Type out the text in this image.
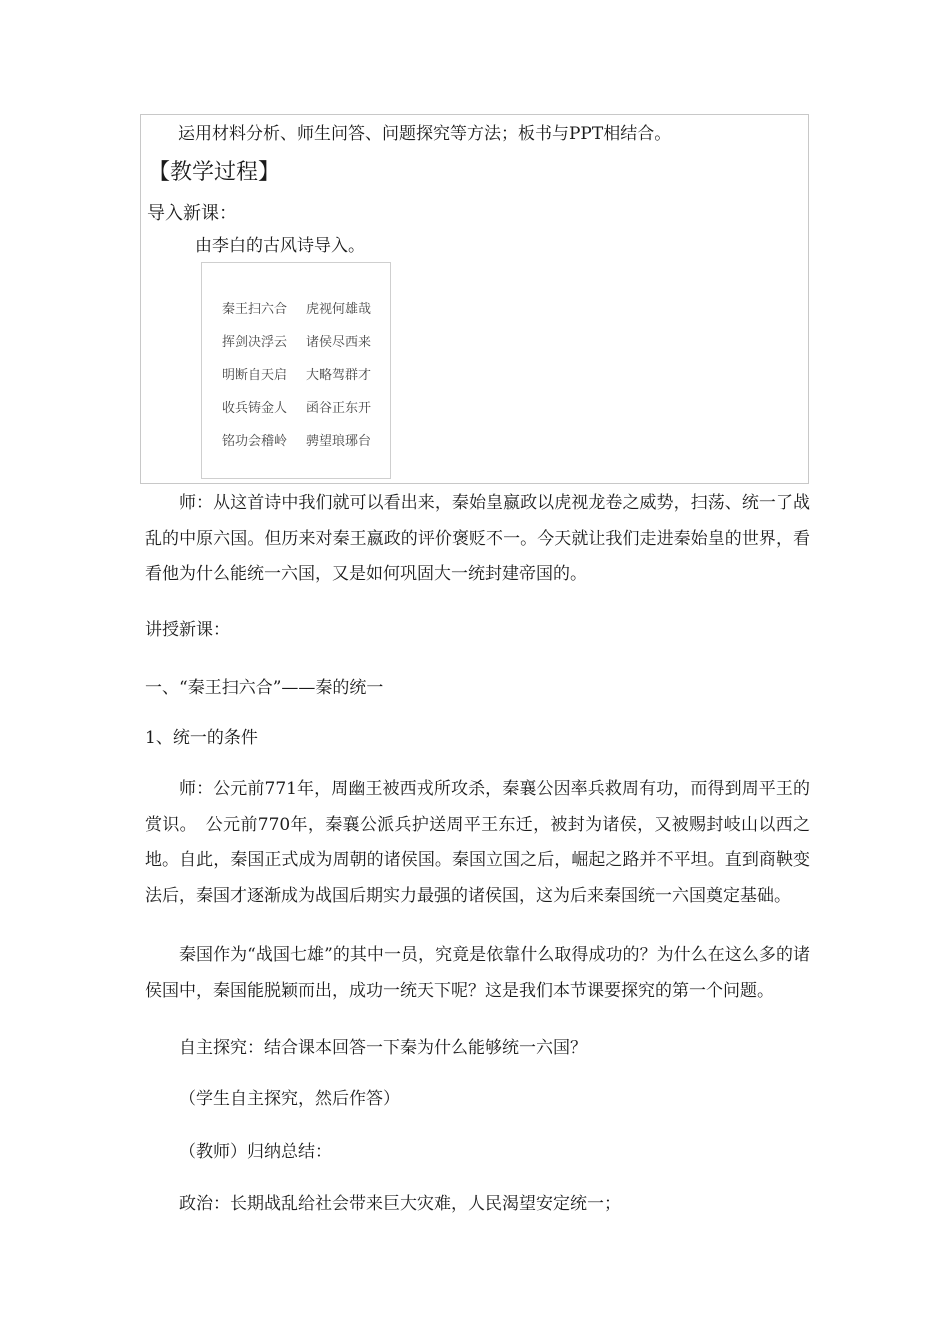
运用材料分析、师生问答、问题探究等方法；板书与PPT相结合。
【教学过程】
导入新课：
由李白的古风诗导入。
秦王扫六合 虎视何雄哉
挥剑决浮云 诸侯尽西来
明断自天启 大略驾群才
收兵铸金人 函谷正东开
铭功会稽岭 骋望琅琊台

师：从这首诗中我们就可以看出来，秦始皇嬴政以虎视龙卷之威势，扫荡、统一了战乱的中原六国。但历来对秦王嬴政的评价褒贬不一。今天就让我们走进秦始皇的世界，看看他为什么能统一六国，又是如何巩固大一统封建帝国的。

讲授新课：
一、“秦王扫六合”——秦的统一
1、统一的条件

师：公元前771年，周幽王被西戎所攻杀，秦襄公因率兵救周有功，而得到周平王的赏识。　公元前770年，秦襄公派兵护送周平王东迁，被封为诸侯，又被赐封岐山以西之地。自此，秦国正式成为周朝的诸侯国。秦国立国之后，崛起之路并不平坦。直到商鞅变法后，秦国才逐渐成为战国后期实力最强的诸侯国，这为后来秦国统一六国奠定基础。

秦国作为“战国七雄”的其中一员，究竟是依靠什么取得成功的？为什么在这么多的诸侯国中，秦国能脱颖而出，成功一统天下呢？这是我们本节课要探究的第一个问题。

自主探究：结合课本回答一下秦为什么能够统一六国？
（学生自主探究，然后作答）
（教师）归纳总结：
政治：长期战乱给社会带来巨大灾难，人民渴望安定统一；
